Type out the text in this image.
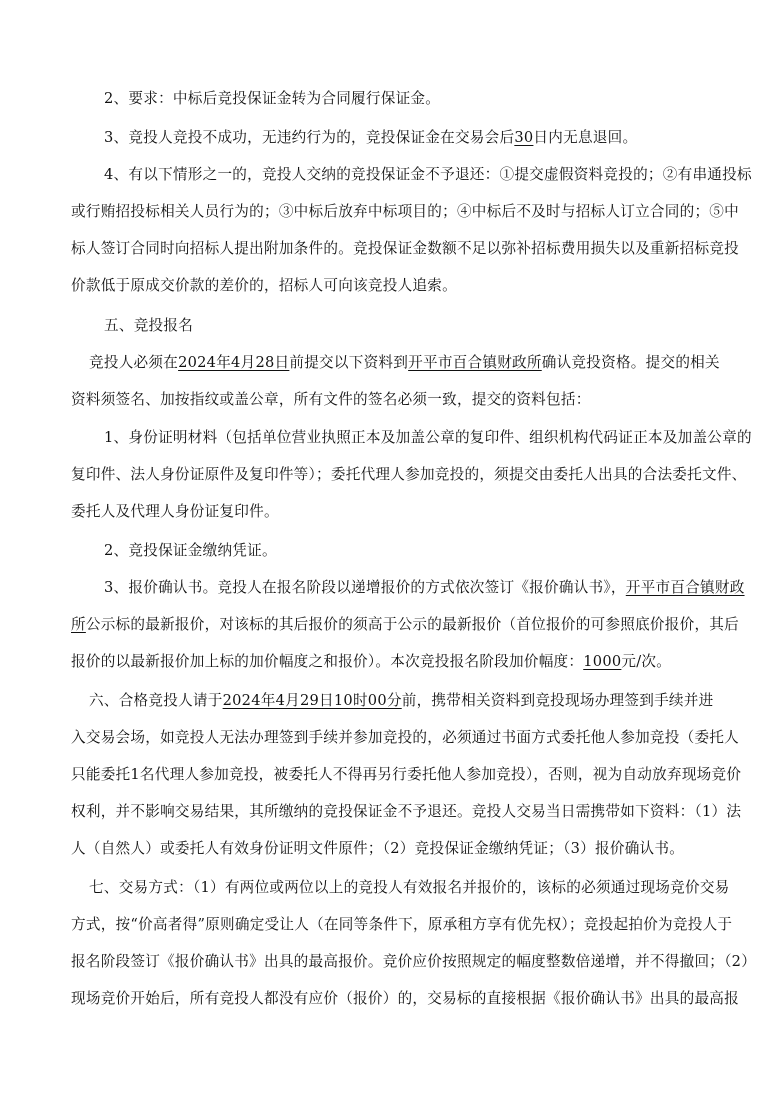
2、要求：中标后竞投保证金转为合同履行保证金。
3、竞投人竞投不成功，无违约行为的，竞投保证金在交易会后30日内无息退回。
4、有以下情形之一的，竞投人交纳的竞投保证金不予退还：①提交虚假资料竞投的；②有串通投标
或行贿招投标相关人员行为的；③中标后放弃中标项目的；④中标后不及时与招标人订立合同的；⑤中
标人签订合同时向招标人提出附加条件的。竞投保证金数额不足以弥补招标费用损失以及重新招标竞投
价款低于原成交价款的差价的，招标人可向该竞投人追索。
五、竞投报名
竞投人必须在2024年4月28日前提交以下资料到开平市百合镇财政所确认竞投资格。提交的相关
资料须签名、加按指纹或盖公章，所有文件的签名必须一致，提交的资料包括：
1、身份证明材料（包括单位营业执照正本及加盖公章的复印件、组织机构代码证正本及加盖公章的
复印件、法人身份证原件及复印件等）；委托代理人参加竞投的，须提交由委托人出具的合法委托文件、
委托人及代理人身份证复印件。
2、竞投保证金缴纳凭证。
3、报价确认书。竞投人在报名阶段以递增报价的方式依次签订《报价确认书》，开平市百合镇财政
所公示标的最新报价，对该标的其后报价的须高于公示的最新报价（首位报价的可参照底价报价，其后
报价的以最新报价加上标的加价幅度之和报价）。本次竞投报名阶段加价幅度：1000元/次。
六、合格竞投人请于2024年4月29日10时00分前，携带相关资料到竞投现场办理签到手续并进
入交易会场，如竞投人无法办理签到手续并参加竞投的，必须通过书面方式委托他人参加竞投（委托人
只能委托1名代理人参加竞投，被委托人不得再另行委托他人参加竞投），否则，视为自动放弃现场竞价
权利，并不影响交易结果，其所缴纳的竞投保证金不予退还。竞投人交易当日需携带如下资料：（1）法
人（自然人）或委托人有效身份证明文件原件；（2）竞投保证金缴纳凭证；（3）报价确认书。
七、交易方式：（1）有两位或两位以上的竞投人有效报名并报价的，该标的必须通过现场竞价交易
方式，按“价高者得”原则确定受让人（在同等条件下，原承租方享有优先权）；竞投起拍价为竞投人于
报名阶段签订《报价确认书》出具的最高报价。竞价应价按照规定的幅度整数倍递增，并不得撤回；（2）
现场竞价开始后，所有竞投人都没有应价（报价）的，交易标的直接根据《报价确认书》出具的最高报
